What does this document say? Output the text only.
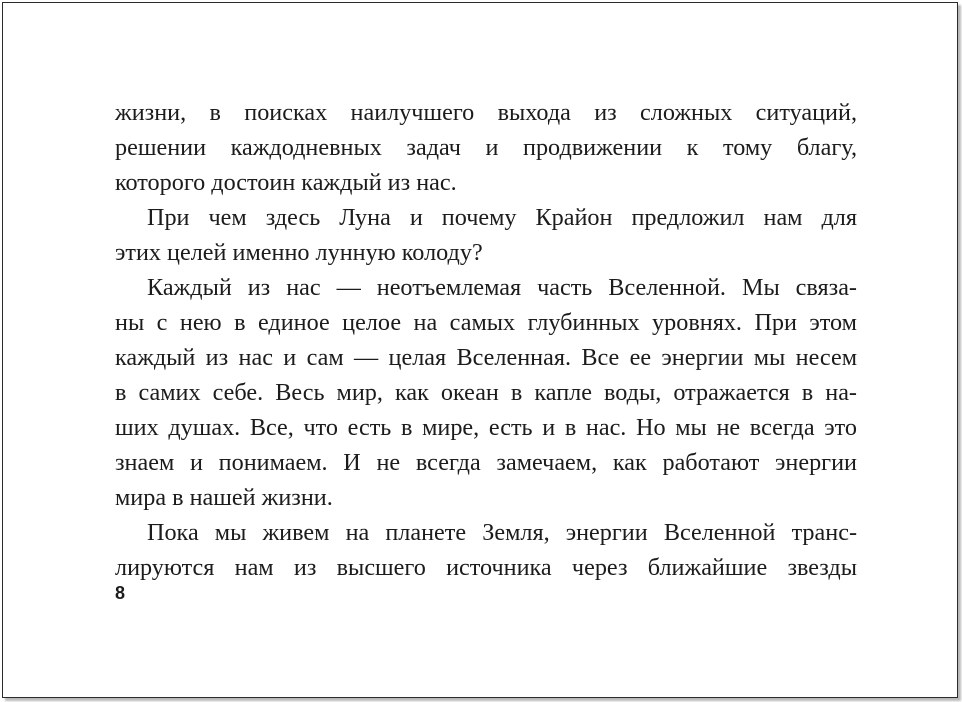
жизни, в поисках наилучшего выхода из сложных ситуаций,
решении каждодневных задач и продвижении к тому благу,
которого достоин каждый из нас.
При чем здесь Луна и почему Крайон предложил нам для
этих целей именно лунную колоду?
Каждый из нас — неотъемлемая часть Вселенной. Мы связа-
ны с нею в единое целое на самых глубинных уровнях. При этом
каждый из нас и сам — целая Вселенная. Все ее энергии мы несем
в самих себе. Весь мир, как океан в капле воды, отражается в на-
ших душах. Все, что есть в мире, есть и в нас. Но мы не всегда это
знаем и понимаем. И не всегда замечаем, как работают энергии
мира в нашей жизни.
Пока мы живем на планете Земля, энергии Вселенной транс-
лируются нам из высшего источника через ближайшие звезды
8
